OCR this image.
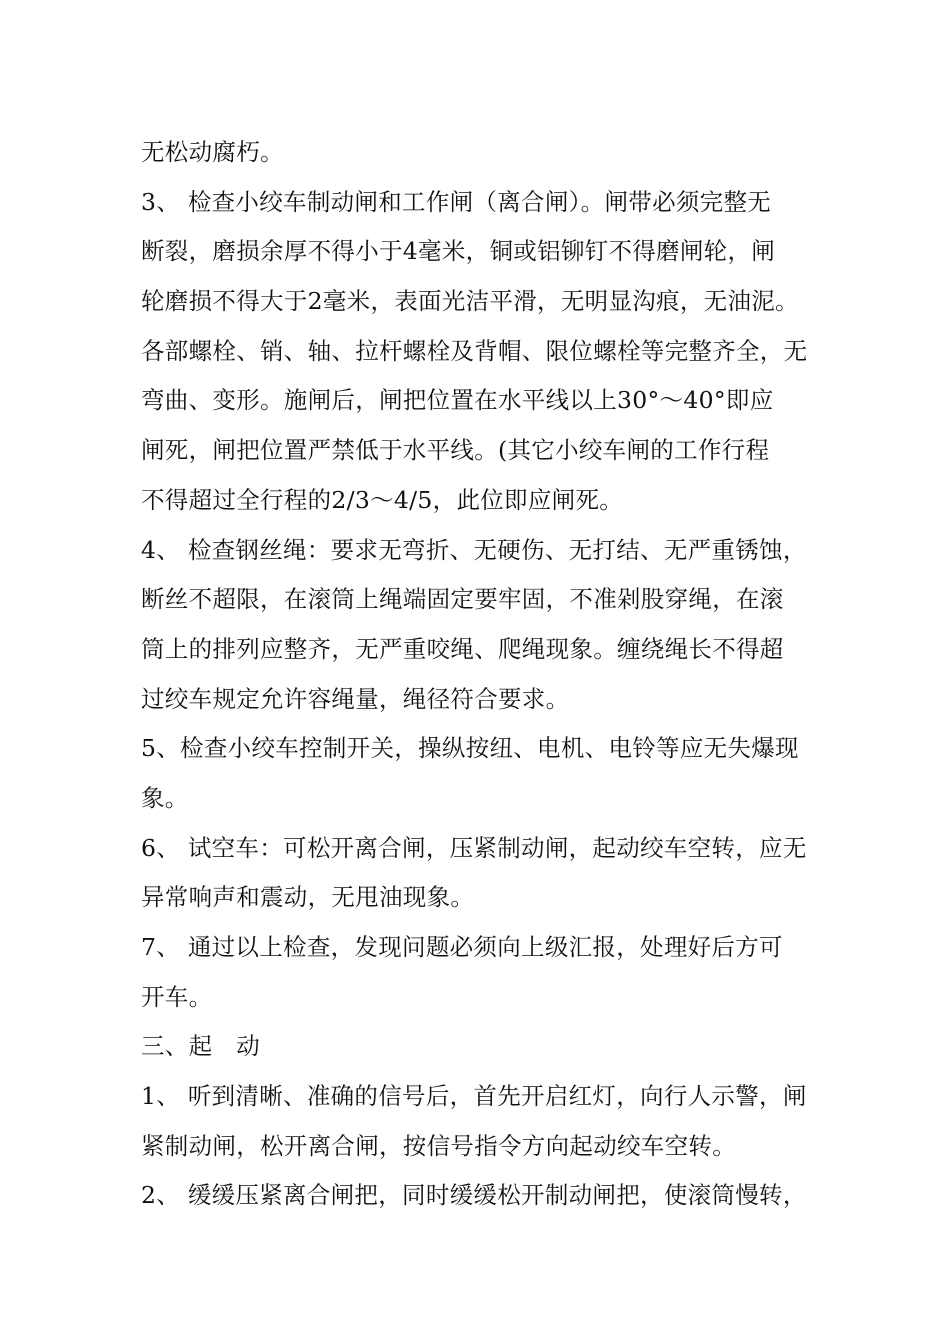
无松动腐朽。
3、 检查小绞车制动闸和工作闸（离合闸）。闸带必须完整无
断裂，磨损余厚不得小于4毫米，铜或铝铆钉不得磨闸轮，闸
轮磨损不得大于2毫米，表面光洁平滑，无明显沟痕，无油泥。
各部螺栓、销、轴、拉杆螺栓及背帽、限位螺栓等完整齐全，无
弯曲、变形。施闸后，闸把位置在水平线以上30°～40°即应
闸死，闸把位置严禁低于水平线。(其它小绞车闸的工作行程
不得超过全行程的2/3～4/5，此位即应闸死。
4、 检查钢丝绳：要求无弯折、无硬伤、无打结、无严重锈蚀，
断丝不超限，在滚筒上绳端固定要牢固，不准剁股穿绳，在滚
筒上的排列应整齐，无严重咬绳、爬绳现象。缠绕绳长不得超
过绞车规定允许容绳量，绳径符合要求。
5、检查小绞车控制开关，操纵按纽、电机、电铃等应无失爆现
象。
6、 试空车：可松开离合闸，压紧制动闸，起动绞车空转，应无
异常响声和震动，无甩油现象。
7、 通过以上检查，发现问题必须向上级汇报，处理好后方可
开车。
三、起　动
1、 听到清晰、准确的信号后，首先开启红灯，向行人示警，闸
紧制动闸，松开离合闸，按信号指令方向起动绞车空转。
2、 缓缓压紧离合闸把，同时缓缓松开制动闸把，使滚筒慢转，
